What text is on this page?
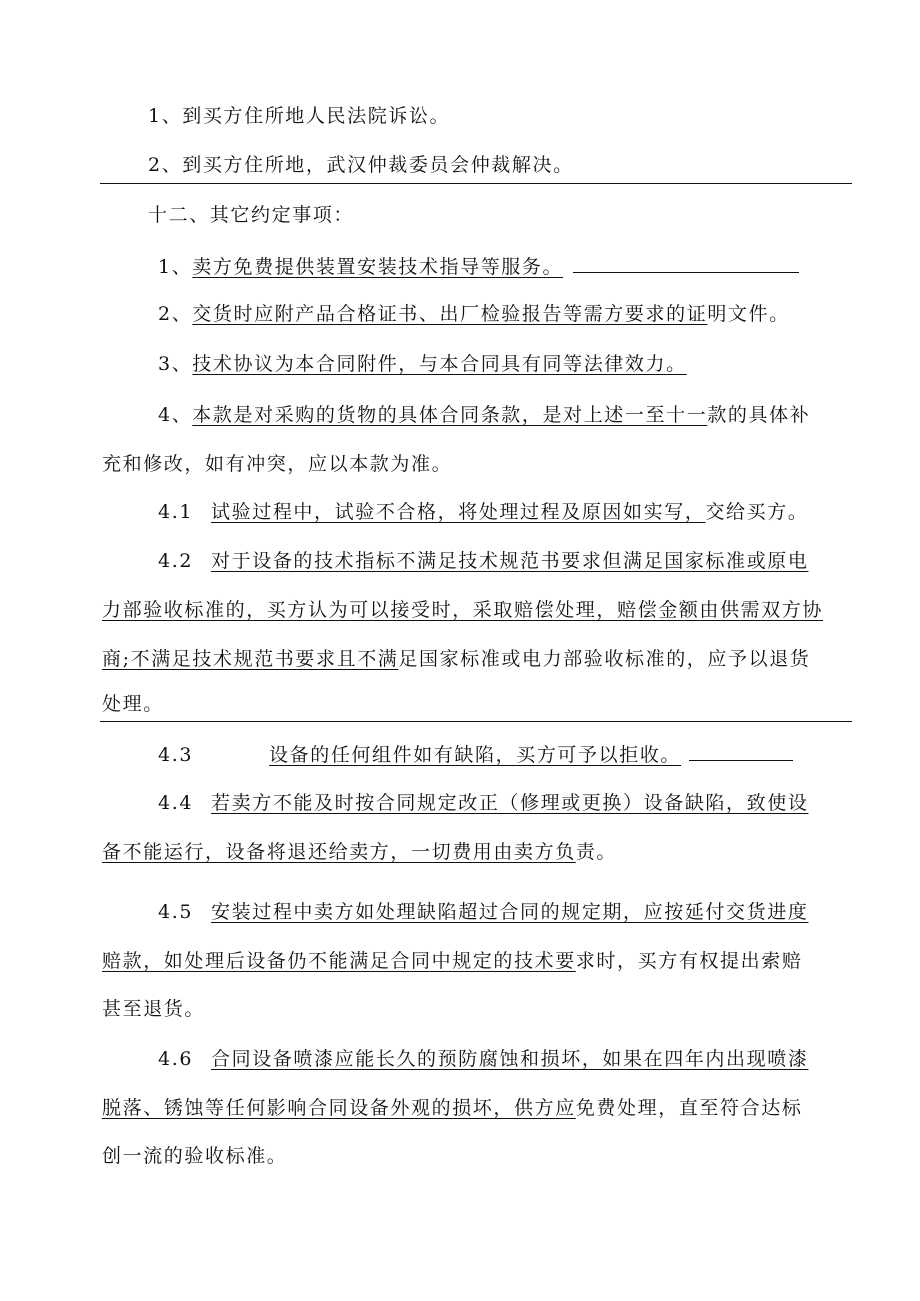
1、到买方住所地人民法院诉讼。
2、到买方住所地，武汉仲裁委员会仲裁解决。
十二、其它约定事项：
1、卖方免费提供装置安装技术指导等服务。
2、交货时应附产品合格证书、出厂检验报告等需方要求的证明文件。
3、技术协议为本合同附件，与本合同具有同等法律效力。
4、本款是对采购的货物的具体合同条款，是对上述一至十一款的具体补
充和修改，如有冲突，应以本款为准。
4.1 试验过程中，试验不合格，将处理过程及原因如实写，交给买方。
4.2 对于设备的技术指标不满足技术规范书要求但满足国家标准或原电
力部验收标准的，买方认为可以接受时，采取赔偿处理，赔偿金额由供需双方协
商;不满足技术规范书要求且不满足国家标准或电力部验收标准的，应予以退货
处理。
4.3	设备的任何组件如有缺陷，买方可予以拒收。
4.4 若卖方不能及时按合同规定改正（修理或更换）设备缺陷，致使设
备不能运行，设备将退还给卖方，一切费用由卖方负责。
4.5 安装过程中卖方如处理缺陷超过合同的规定期，应按延付交货进度
赔款，如处理后设备仍不能满足合同中规定的技术要求时，买方有权提出索赔
甚至退货。
4.6 合同设备喷漆应能长久的预防腐蚀和损坏，如果在四年内出现喷漆
脱落、锈蚀等任何影响合同设备外观的损坏，供方应免费处理，直至符合达标
创一流的验收标准。
